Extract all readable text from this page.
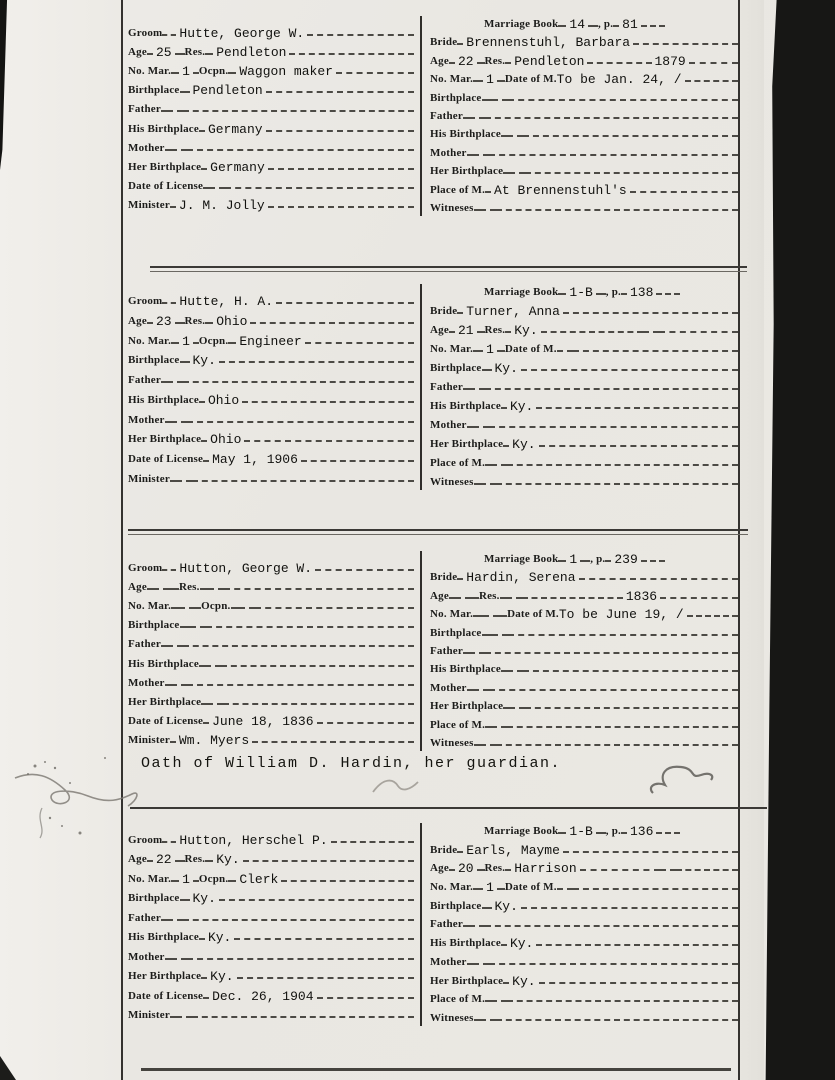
Groom Hutte, George W.
Age 25 Res. Pendleton
No. Mar. 1 Ocpn. Waggon maker
Birthplace Pendleton
Father
His Birthplace Germany
Mother
Her Birthplace Germany
Date of License
Minister J. M. Jolly
Marriage Book 14 , p. 81
Bride Brennenstuhl, Barbara
Age 22 Res. Pendleton	1879
No. Mar. 1 Date of M. To be Jan. 24, /
Birthplace
Father
His Birthplace
Mother
Her Birthplace
Place of M. At Brennenstuhl's
Witneses
Groom Hutte, H. A.
Age 23 Res. Ohio
No. Mar. 1 Ocpn. Engineer
Birthplace Ky.
Father
His Birthplace Ohio
Mother
Her Birthplace Ohio
Date of License May 1, 1906
Minister
Marriage Book 1-B , p. 138
Bride Turner, Anna
Age 21 Res. Ky.
No. Mar. 1 Date of M.
Birthplace Ky.
Father
His Birthplace Ky.
Mother
Her Birthplace Ky.
Place of M.
Witneses
Groom Hutton, George W.
Age	Res.
No. Mar.	Ocpn.
Birthplace
Father
His Birthplace
Mother
Her Birthplace
Date of License June 18, 1836
Minister Wm. Myers
Marriage Book 1 , p. 239
Bride Hardin, Serena
Age	Res.	1836
No. Mar.	Date of M. To be June 19, /
Birthplace
Father
His Birthplace
Mother
Her Birthplace
Place of M.
Witneses
Groom Hutton, Herschel P.
Age 22 Res. Ky.
No. Mar. 1 Ocpn. Clerk
Birthplace Ky.
Father
His Birthplace Ky.
Mother
Her Birthplace Ky.
Date of License Dec. 26, 1904
Minister
Marriage Book 1-B , p. 136
Bride Earls, Mayme
Age 20 Res. Harrison
No. Mar. 1 Date of M.
Birthplace Ky.
Father
His Birthplace Ky.
Mother
Her Birthplace Ky.
Place of M.
Witneses
Oath of William D. Hardin, her guardian.
